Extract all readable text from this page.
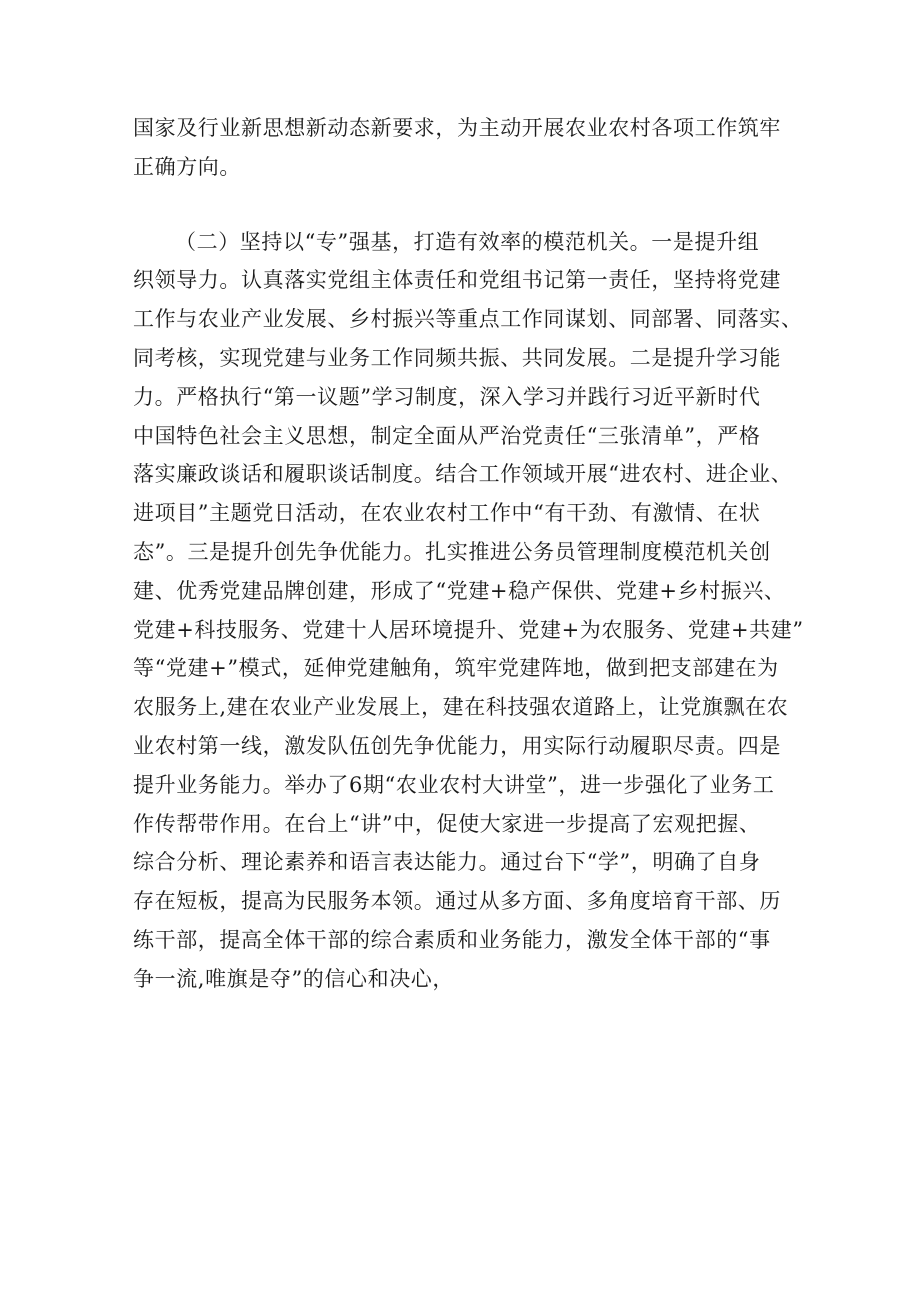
国家及行业新思想新动态新要求，为主动开展农业农村各项工作筑牢
正确方向。
（二）坚持以“专”强基，打造有效率的模范机关。一是提升组
织领导力。认真落实党组主体责任和党组书记第一责任，坚持将党建
工作与农业产业发展、乡村振兴等重点工作同谋划、同部署、同落实、
同考核，实现党建与业务工作同频共振、共同发展。二是提升学习能
力。严格执行“第一议题”学习制度，深入学习并践行习近平新时代
中国特色社会主义思想，制定全面从严治党责任“三张清单”，严格
落实廉政谈话和履职谈话制度。结合工作领域开展“进农村、进企业、
进项目”主题党日活动，在农业农村工作中“有干劲、有激情、在状
态”。三是提升创先争优能力。扎实推进公务员管理制度模范机关创
建、优秀党建品牌创建，形成了“党建+稳产保供、党建+乡村振兴、
党建+科技服务、党建十人居环境提升、党建+为农服务、党建+共建”
等“党建+”模式，延伸党建触角，筑牢党建阵地，做到把支部建在为
农服务上,建在农业产业发展上，建在科技强农道路上，让党旗飘在农
业农村第一线，激发队伍创先争优能力，用实际行动履职尽责。四是
提升业务能力。举办了6期“农业农村大讲堂”，进一步强化了业务工
作传帮带作用。在台上“讲”中，促使大家进一步提高了宏观把握、
综合分析、理论素养和语言表达能力。通过台下“学”，明确了自身
存在短板，提高为民服务本领。通过从多方面、多角度培育干部、历
练干部，提高全体干部的综合素质和业务能力，激发全体干部的“事
争一流,唯旗是夺”的信心和决心，
